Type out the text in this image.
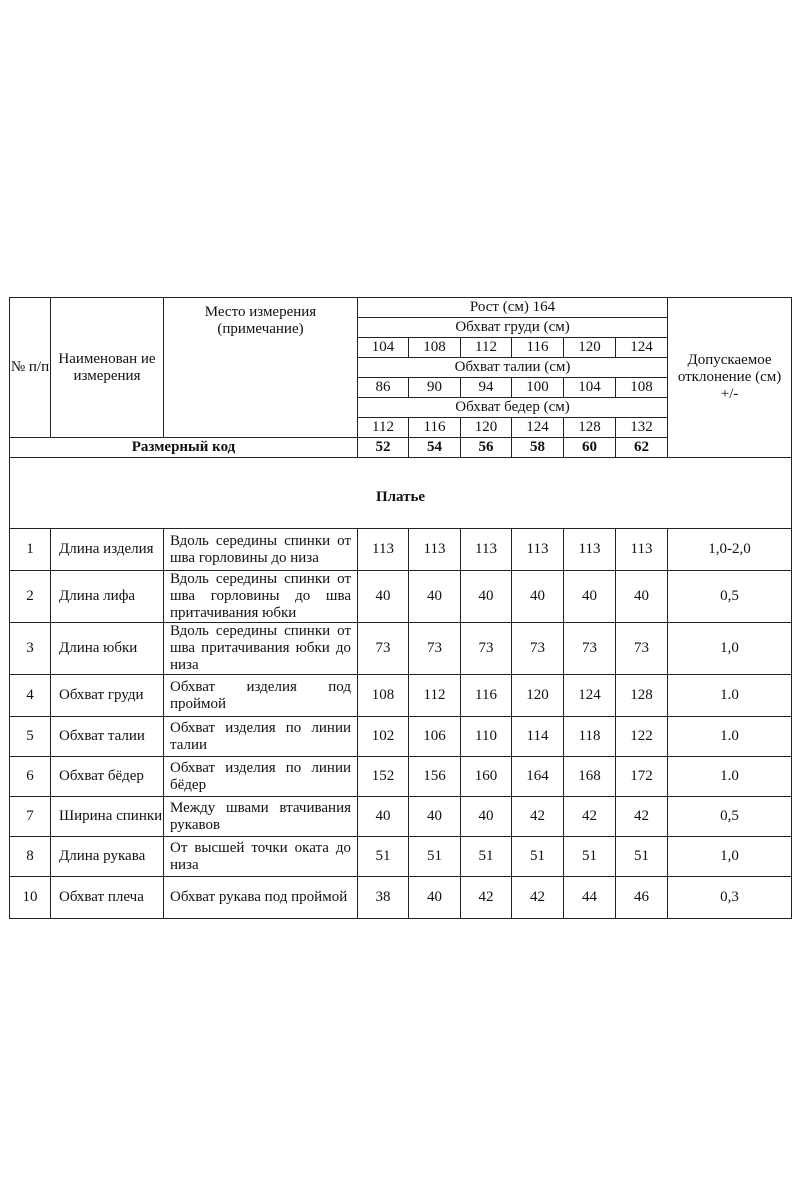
№ п/п	Наименован ие измерения	Место измерения (примечание)	Рост (см) 164						Допускаемое отклонение (см) +/-
			Обхват груди (см)						
			104	108	112	116	120	124	
			Обхват талии (см)						
			86	90	94	100	104	108	
			Обхват бедер (см)						
			112	116	120	124	128	132	
Размерный код			52	54	56	58	60	62	
Платье									
1	Длина изделия	Вдоль середины спинки от шва горловины до низа	113	113	113	113	113	113	1,0-2,0
2	Длина лифа	Вдоль середины спинки от шва горловины до шва притачивания юбки	40	40	40	40	40	40	0,5
3	Длина юбки	Вдоль середины спинки от шва притачивания юбки до низа	73	73	73	73	73	73	1,0
4	Обхват груди	Обхват изделия под проймой	108	112	116	120	124	128	1.0
5	Обхват талии	Обхват изделия по линии талии	102	106	110	114	118	122	1.0
6	Обхват бёдер	Обхват изделия по линии бёдер	152	156	160	164	168	172	1.0
7	Ширина спинки	Между швами втачивания рукавов	40	40	40	42	42	42	0,5
8	Длина рукава	От высшей точки оката до низа	51	51	51	51	51	51	1,0
10	Обхват плеча	Обхват рукава под проймой	38	40	42	42	44	46	0,3
